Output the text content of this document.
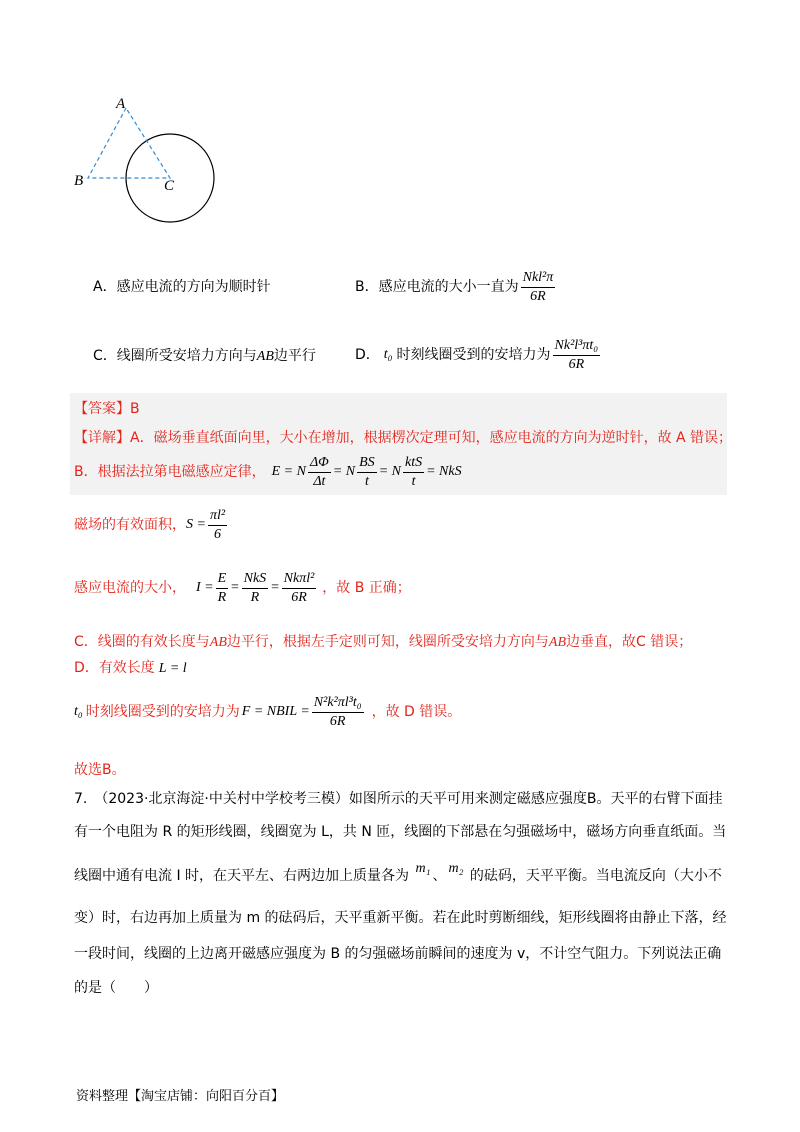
A
B	C
A．感应电流的方向为顺时针	B．感应电流的大小一直为 $\frac{\text{Nkl²π}}{6R}$
C．线圈所受安培力方向与AB边平行	D． t₀ 时刻线圈受到的安培力为 $\frac{\text{Nk²l³πt₀}}{6R}$
【答案】B
【详解】A．磁场垂直纸面向里，大小在增加，根据楞次定理可知，感应电流的方向为逆时针，故 A 错误；
B．根据法拉第电磁感应定律， E = N $\frac{\Delta\Phi}{\Delta t} = N \frac{BS}{t} = N \frac{\text{ktS}}{t}$ = NkS
磁场的有效面积， $S = \frac{\text{πl²}}{6}$
感应电流的大小， $I = \frac{E}{R} = \frac{\text{NkS}}{R} = \frac{\text{Nkπl²}}{6R}$ ，故 B 正确；
C．线圈的有效长度与AB边平行，根据左手定则可知，线圈所受安培力方向与AB边垂直，故C 错误；
D．有效长度 L = l
t₀ 时刻线圈受到的安培力为 F = NBIL = $\frac{\text{N²k²πl³t₀}}{6R}$ ，故 D 错误。
故选B。
7.　（2023·北京海淀·中关村中学校考三模）如图所示的天平可用来测定磁感应强度B。天平的右臂下面挂
有一个电阻为 R 的矩形线圈，线圈宽为 L，共 N 匝，线圈的下部悬在匀强磁场中，磁场方向垂直纸面。当
线圈中通有电流 I 时，在天平左、右两边加上质量各为 m₁ 、 m₂ 的砝码，天平平衡。当电流反向（大小不
变）时，右边再加上质量为 m 的砝码后，天平重新平衡。若在此时剪断细线，矩形线圈将由静止下落，经
一段时间，线圈的上边离开磁感应强度为 B 的匀强磁场前瞬间的速度为 v，不计空气阻力。下列说法正确
的是（　　）
资料整理【淘宝店铺：向阳百分百】
